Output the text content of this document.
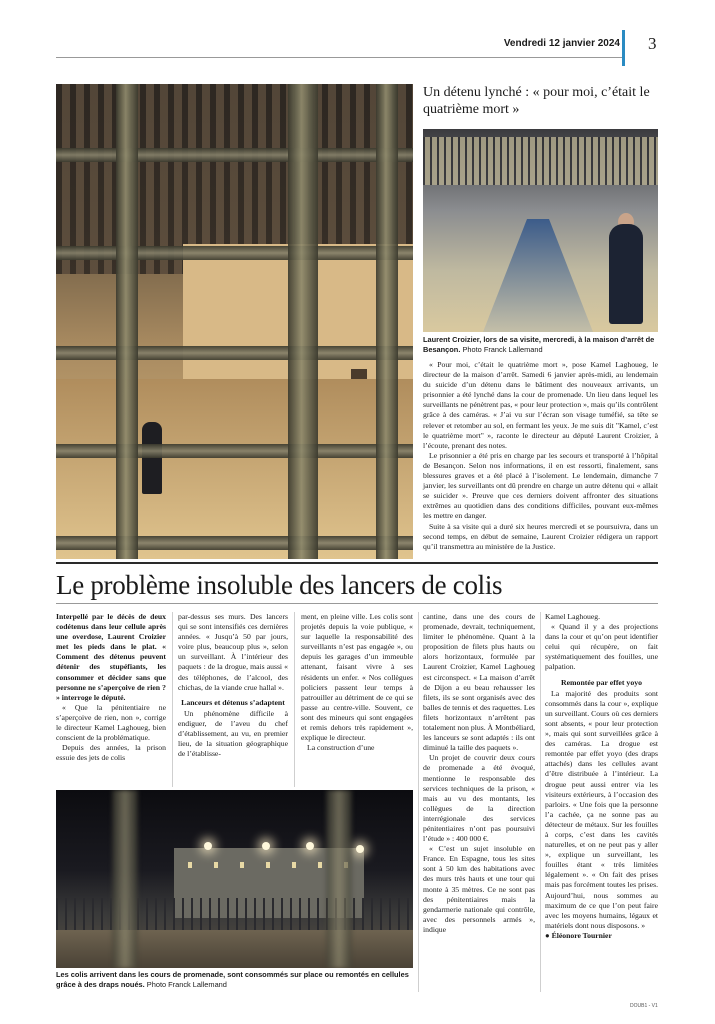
Vendredi 12 janvier 2024 3
Un détenu lynché : « pour moi, c’était le quatrième mort »
Laurent Croizier, lors de sa visite, mercredi, à la maison d’arrêt de Besançon. Photo Franck Lallemand

« Pour moi, c’était le quatrième mort », pose Kamel Laghoueg, le directeur de la maison d’arrêt. Samedi 6 janvier après-midi, au lendemain du suicide d’un détenu dans le bâtiment des nouveaux arrivants, un prisonnier a été lynché dans la cour de promenade. Un lieu dans lequel les surveillants ne pénètrent pas, « pour leur protection », mais qu’ils contrôlent grâce à des caméras. « J’ai vu sur l’écran son visage tuméfié, sa tête se relever et retomber au sol, en fermant les yeux. Je me suis dit "Kamel, c’est le quatrième mort" », raconte le directeur au député Laurent Croizier, à l’écoute, prenant des notes.

Le prisonnier a été pris en charge par les secours et transporté à l’hôpital de Besançon. Selon nos informations, il en est ressorti, finalement, sans blessures graves et a été placé à l’isolement. Le lendemain, dimanche 7 janvier, les surveillants ont dû prendre en charge un autre détenu qui « allait se suicider ». Preuve que ces derniers doivent affronter des situations extrêmes au quotidien dans des conditions difficiles, pouvant eux-mêmes les mettre en danger.

Suite à sa visite qui a duré six heures mercredi et se poursuivra, dans un second temps, en début de semaine, Laurent Croizier rédigera un rapport qu’il transmettra au ministère de la Justice.

Le problème insoluble des lancers de colis

Interpellé par le décès de deux codétenus dans leur cellule après une overdose, Laurent Croizier met les pieds dans le plat. « Comment des détenus peuvent détenir des stupéfiants, les consommer et décider sans que personne ne s’aperçoive de rien ? » interroge le député.

« Que la pénitentiaire ne s’aperçoive de rien, non », corrige le directeur Kamel Laghoueg, bien conscient de la problématique.

Depuis des années, la prison essuie des jets de colis

par-dessus ses murs. Des lancers qui se sont intensifiés ces dernières années. « Jusqu’à 50 par jours, voire plus, beaucoup plus », selon un surveillant. À l’intérieur des paquets : de la drogue, mais aussi « des téléphones, de l’alcool, des chichas, de la viande crue hallal ».

Lanceurs et détenus s’adaptent

Un phénomène difficile à endiguer, de l’aveu du chef d’établissement, au vu, en premier lieu, de la situation géographique de l’établisse-

ment, en pleine ville. Les colis sont projetés depuis la voie publique, « sur laquelle la responsabilité des surveillants n’est pas engagée », ou depuis les garages d’un immeuble attenant, faisant vivre à ses résidents un enfer. « Nos collègues policiers passent leur temps à patrouiller au détriment de ce qui se passe au centre-ville. Souvent, ce sont des mineurs qui sont engagées et remis dehors très rapidement », explique le directeur.

La construction d’une

cantine, dans une des cours de promenade, devrait, techniquement, limiter le phénomène. Quant à la proposition de filets plus hauts ou alors horizontaux, formulée par Laurent Croizier, Kamel Laghoueg est circonspect. « La maison d’arrêt de Dijon a eu beau rehausser les filets, ils se sont organisés avec des balles de tennis et des raquettes. Les filets horizontaux n’arrêtent pas totalement non plus. À Montbéliard, les lanceurs se sont adaptés : ils ont diminué la taille des paquets ».

Un projet de couvrir deux cours de promenade a été évoqué, mentionne le responsable des services techniques de la prison, « mais au vu des montants, les collègues de la direction interrégionale des services pénitentiaires n’ont pas poursuivi l’étude » : 400 000 €.

« C’est un sujet insoluble en France. En Espagne, tous les sites sont à 50 km des habitations avec des murs très hauts et une tour qui monte à 35 mètres. Ce ne sont pas des pénitentiaires mais la gendarmerie nationale qui contrôle, avec des personnels armés », indique

Kamel Laghoueg.

« Quand il y a des projections dans la cour et qu’on peut identifier celui qui récupère, on fait systématiquement des fouilles, une palpation.

Remontée par effet yoyo

La majorité des produits sont consommés dans la cour », explique un surveillant. Cours où ces derniers sont absents, « pour leur protection », mais qui sont surveillées grâce à des caméras. La drogue est remontée par effet yoyo (des draps attachés) dans les cellules avant d’être distribuée à l’intérieur. La drogue peut aussi entrer via les visiteurs extérieurs, à l’occasion des parloirs. « Une fois que la personne l’a cachée, ça ne sonne pas au détecteur de métaux. Sur les fouilles à corps, c’est dans les cavités naturelles, et on ne peut pas y aller », explique un surveillant, les fouilles étant « très limitées légalement ». « On fait des prises mais pas forcément toutes les prises. Aujourd’hui, nous sommes au maximum de ce que l’on peut faire avec les moyens humains, légaux et matériels dont nous disposons. »

● Éléonore Tournier

Les colis arrivent dans les cours de promenade, sont consommés sur place ou remontés en cellules grâce à des draps noués. Photo Franck Lallemand
DOUB1 - V1
